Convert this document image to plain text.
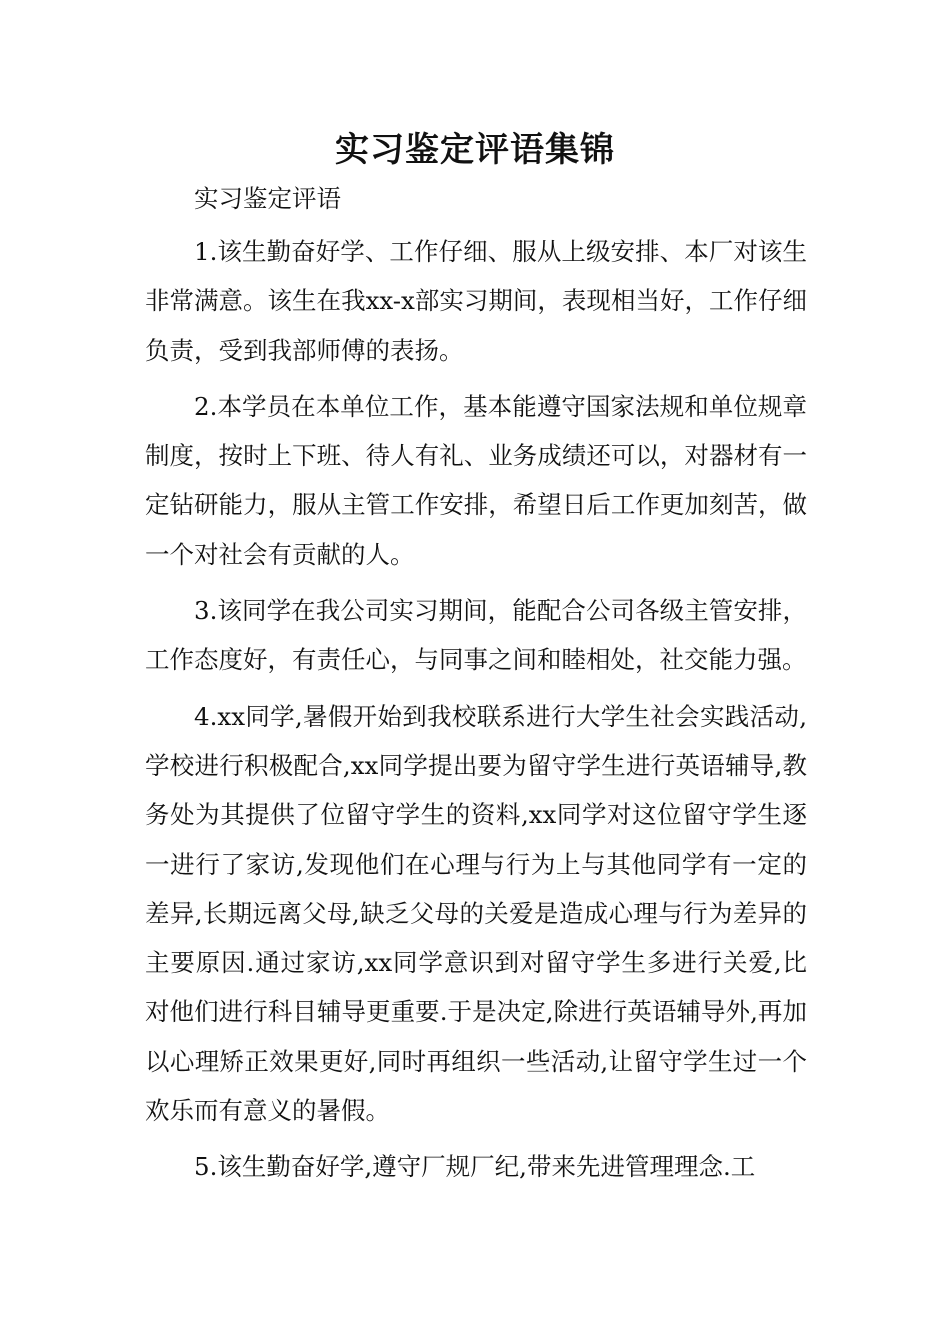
实习鉴定评语集锦

实习鉴定评语

1.该生勤奋好学、工作仔细、服从上级安排、本厂对该生非常满意。该生在我xx-x部实习期间，表现相当好，工作仔细负责，受到我部师傅的表扬。

2.本学员在本单位工作，基本能遵守国家法规和单位规章制度，按时上下班、待人有礼、业务成绩还可以，对器材有一定钻研能力，服从主管工作安排，希望日后工作更加刻苦，做一个对社会有贡献的人。

3.该同学在我公司实习期间，能配合公司各级主管安排，工作态度好，有责任心，与同事之间和睦相处，社交能力强。

4.xx同学,暑假开始到我校联系进行大学生社会实践活动,学校进行积极配合,xx同学提出要为留守学生进行英语辅导,教务处为其提供了位留守学生的资料,xx同学对这位留守学生逐一进行了家访,发现他们在心理与行为上与其他同学有一定的差异,长期远离父母,缺乏父母的关爱是造成心理与行为差异的主要原因.通过家访,xx同学意识到对留守学生多进行关爱,比对他们进行科目辅导更重要.于是决定,除进行英语辅导外,再加以心理矫正效果更好,同时再组织一些活动,让留守学生过一个欢乐而有意义的暑假。

5.该生勤奋好学,遵守厂规厂纪,带来先进管理理念.工
